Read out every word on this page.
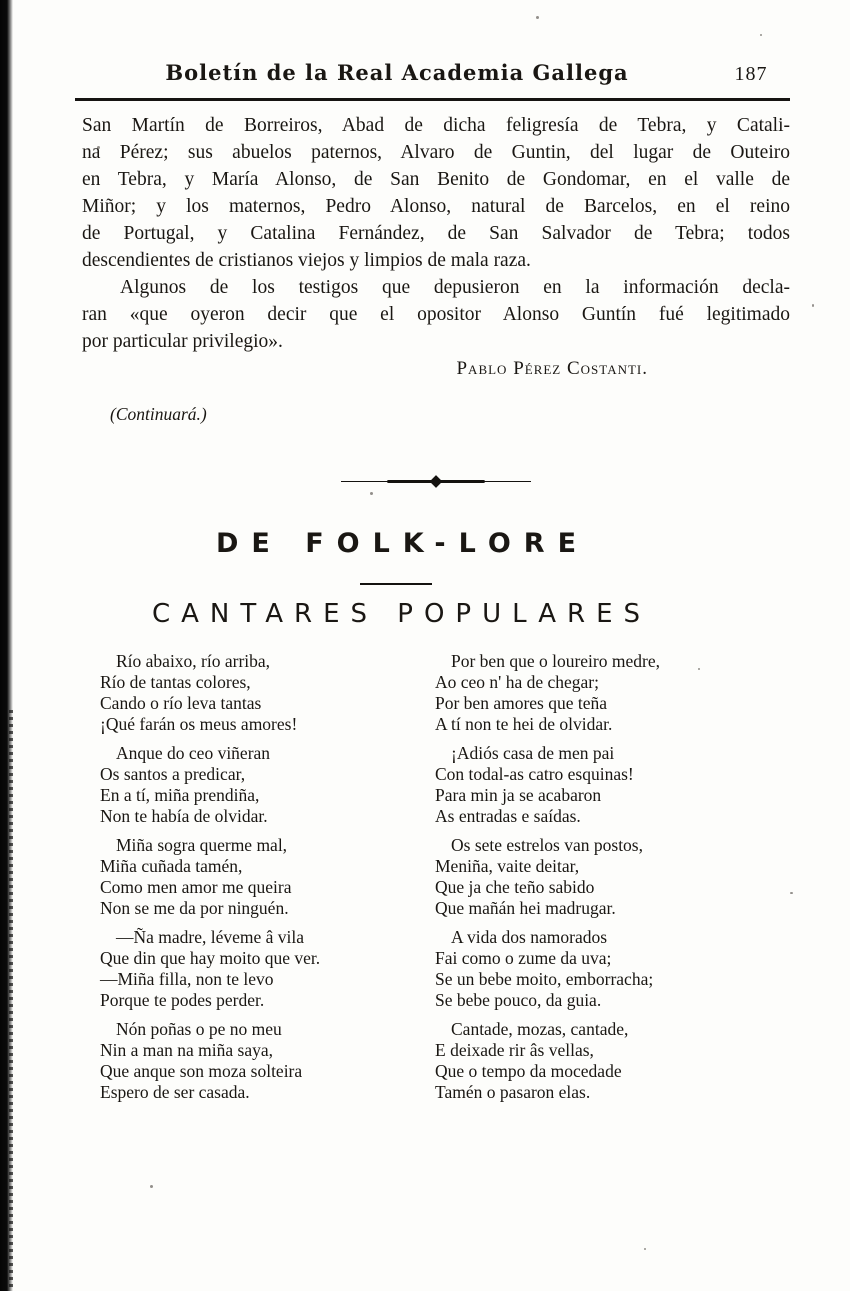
Boletín de la Real Academia Gallega	187
San Martín de Borreiros, Abad de dicha feligresía de Tebra, y Catali-
na Pérez; sus abuelos paternos, Alvaro de Guntin, del lugar de Outeiro
en Tebra, y María Alonso, de San Benito de Gondomar, en el valle de
Miñor; y los maternos, Pedro Alonso, natural de Barcelos, en el reino
de Portugal, y Catalina Fernández, de San Salvador de Tebra; todos
descendientes de cristianos viejos y limpios de mala raza.
Algunos de los testigos que depusieron en la información decla-
ran «que oyeron decir que el opositor Alonso Guntín fué legitimado
por particular privilegio».
Pablo Pérez Costanti.
(Continuará.)
DE FOLK-LORE
CANTARES POPULARES
Río abaixo, río arriba,
Río de tantas colores,
Cando o río leva tantas
¡Qué farán os meus amores!
Anque do ceo viñeran
Os santos a predicar,
En a tí, miña prendiña,
Non te había de olvidar.
Miña sogra querme mal,
Miña cuñada tamén,
Como men amor me queira
Non se me da por ninguén.
—Ña madre, léveme â vila
Que din que hay moito que ver.
—Miña filla, non te levo
Porque te podes perder.
Nón poñas o pe no meu
Nin a man na miña saya,
Que anque son moza solteira
Espero de ser casada.
Por ben que o loureiro medre,
Ao ceo n' ha de chegar;
Por ben amores que teña
A tí non te hei de olvidar.
¡Adiós casa de men pai
Con todal-as catro esquinas!
Para min ja se acabaron
As entradas e saídas.
Os sete estrelos van postos,
Meniña, vaite deitar,
Que ja che teño sabido
Que mañán hei madrugar.
A vida dos namorados
Fai como o zume da uva;
Se un bebe moito, emborracha;
Se bebe pouco, da guia.
Cantade, mozas, cantade,
E deixade rir âs vellas,
Que o tempo da mocedade
Tamén o pasaron elas.
